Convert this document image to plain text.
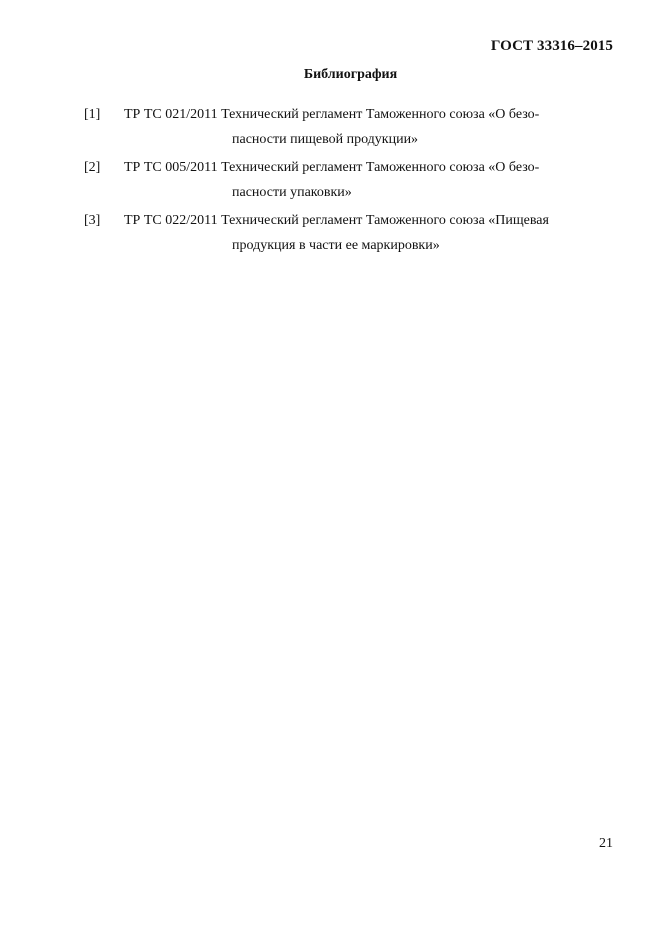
ГОСТ 33316–2015
Библиография
[1] ТР ТС 021/2011 Технический регламент Таможенного союза «О безо-
пасности пищевой продукции»
[2] ТР ТС 005/2011 Технический регламент Таможенного союза «О безо-
пасности упаковки»
[3] ТР ТС 022/2011 Технический регламент Таможенного союза «Пищевая
продукция в части ее маркировки»
21
